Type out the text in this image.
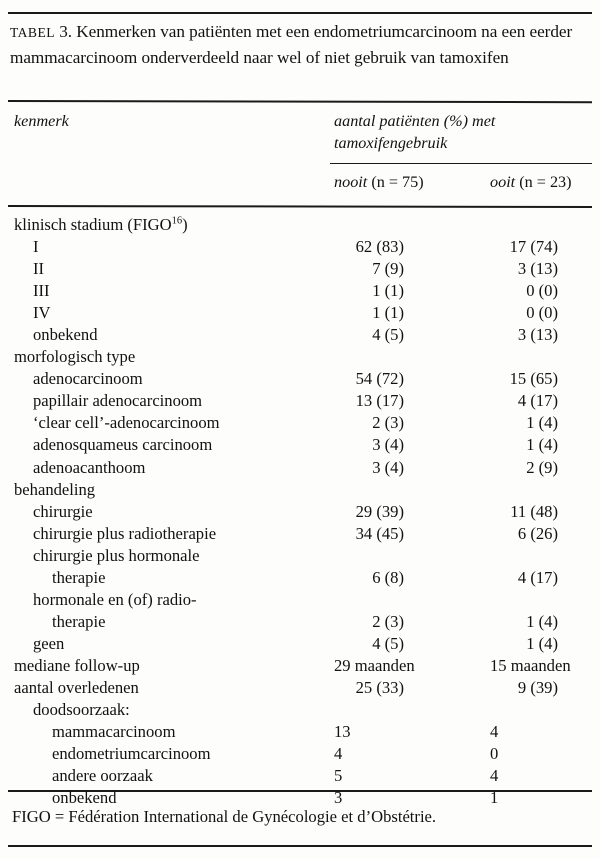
TABEL 3. Kenmerken van patiënten met een endometriumcarcinoom na een eerder mammacarcinoom onderverdeeld naar wel of niet gebruik van tamoxifen
kenmerk	aantal patiënten (%) met
tamoxifengebruik
nooit (n = 75)	ooit (n = 23)
klinisch stadium (FIGO$^{16}$)
I	62 (83)	17 (74)
II	7 (9)	3 (13)
III	1 (1)	0 (0)
IV	1 (1)	0 (0)
onbekend	4 (5)	3 (13)
morfologisch type
adenocarcinoom	54 (72)	15 (65)
papillair adenocarcinoom	13 (17)	4 (17)
‘clear cell’-adenocarcinoom	2 (3)	1 (4)
adenosquameus carcinoom	3 (4)	1 (4)
adenoacanthoom	3 (4)	2 (9)
behandeling
chirurgie	29 (39)	11 (48)
chirurgie plus radiotherapie	34 (45)	6 (26)
chirurgie plus hormonale
therapie	6 (8)	4 (17)
hormonale en (of) radio-
therapie	2 (3)	1 (4)
geen	4 (5)	1 (4)
mediane follow-up	29 maanden	15 maanden
aantal overledenen	25 (33)	9 (39)
doodsoorzaak:
mammacarcinoom	13	4
endometriumcarcinoom	4	0
andere oorzaak	5	4
onbekend	3	1
FIGO = Fédération International de Gynécologie et d’Obstétrie.
